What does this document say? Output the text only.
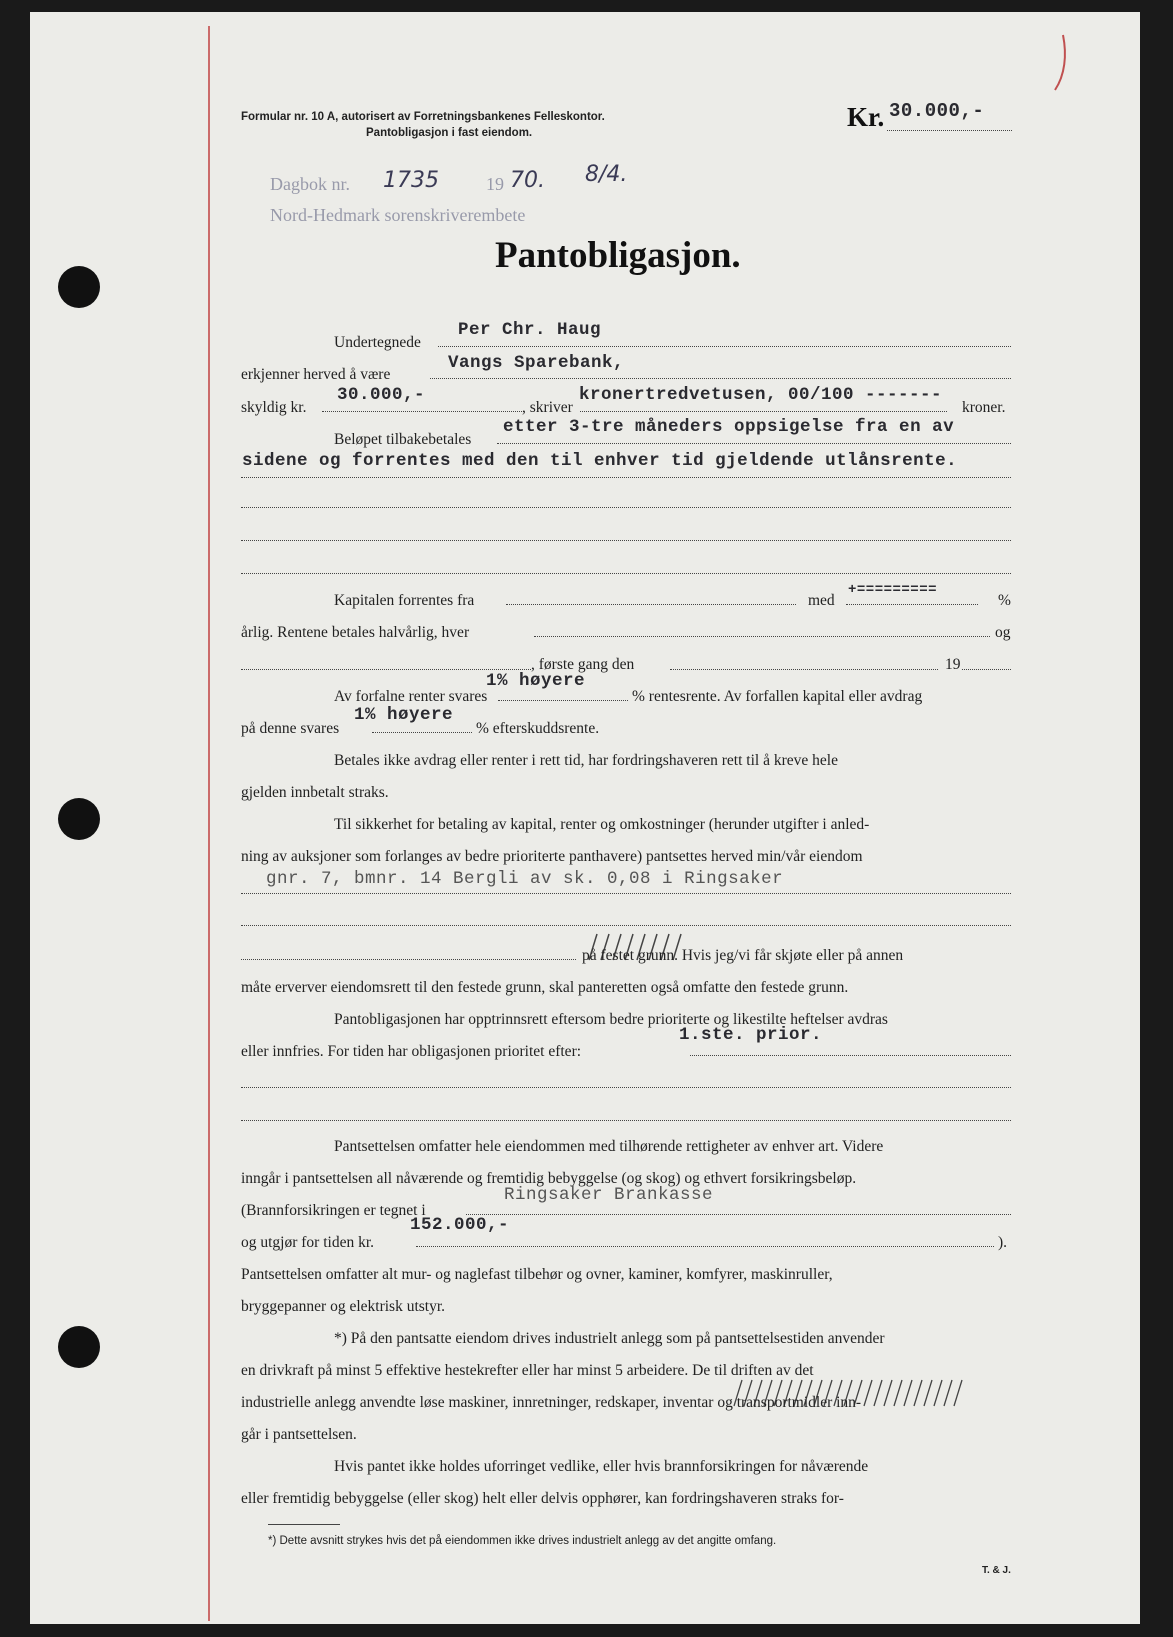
Formular nr. 10 A, autorisert av Forretningsbankenes Felleskontor.
Pantobligasjon i fast eiendom.
Kr. 30.000,-
Dagbok nr. 1735	19 70. 8/4.
Nord-Hedmark sorenskriverembete
Pantobligasjon.
Undertegnede
Per Chr. Haug
erkjenner herved å være
Vangs Sparebank,
skyldig kr.
30.000,-
, skriver
kronertredvetusen, 00/100 -------
kroner.
Beløpet tilbakebetales
etter 3-tre måneders oppsigelse fra en av
sidene og forrentes med den til enhver tid gjeldende utlånsrente.
Kapitalen forrentes fra	med
+=========
%
årlig. Rentene betales halvårlig, hver	og
, første gang den	19
Av forfalne renter svares
1% høyere
% rentesrente. Av forfallen kapital eller avdrag
på denne svares
1% høyere
% efterskuddsrente.
Betales ikke avdrag eller renter i rett tid, har fordringshaveren rett til å kreve hele
gjelden innbetalt straks.
Til sikkerhet for betaling av kapital, renter og omkostninger (herunder utgifter i anled-
ning av auksjoner som forlanges av bedre prioriterte panthavere) pantsettes herved min/vår eiendom
gnr. 7, bmnr. 14 Bergli av sk. 0,08 i Ringsaker
på festet grunn. Hvis jeg/vi får skjøte eller på annen
måte erverver eiendomsrett til den festede grunn, skal panteretten også omfatte den festede grunn.
Pantobligasjonen har opptrinnsrett eftersom bedre prioriterte og likestilte heftelser avdras
eller innfries. For tiden har obligasjonen prioritet efter:
1.ste. prior.
Pantsettelsen omfatter hele eiendommen med tilhørende rettigheter av enhver art. Videre
inngår i pantsettelsen all nåværende og fremtidig bebyggelse (og skog) og ethvert forsikringsbeløp.
(Brannforsikringen er tegnet i
Ringsaker Brankasse
og utgjør for tiden kr.
152.000,-
).
Pantsettelsen omfatter alt mur- og naglefast tilbehør og ovner, kaminer, komfyrer, maskinruller,
bryggepanner og elektrisk utstyr.
*) På den pantsatte eiendom drives industrielt anlegg som på pantsettelsestiden anvender
en drivkraft på minst 5 effektive hestekrefter eller har minst 5 arbeidere. De til driften av det
industrielle anlegg anvendte løse maskiner, innretninger, redskaper, inventar og transportmidler inn-
går i pantsettelsen.
Hvis pantet ikke holdes uforringet vedlike, eller hvis brannforsikringen for nåværende
eller fremtidig bebyggelse (eller skog) helt eller delvis opphører, kan fordringshaveren straks for-
*) Dette avsnitt strykes hvis det på eiendommen ikke drives industrielt anlegg av det angitte omfang.
T. & J.
